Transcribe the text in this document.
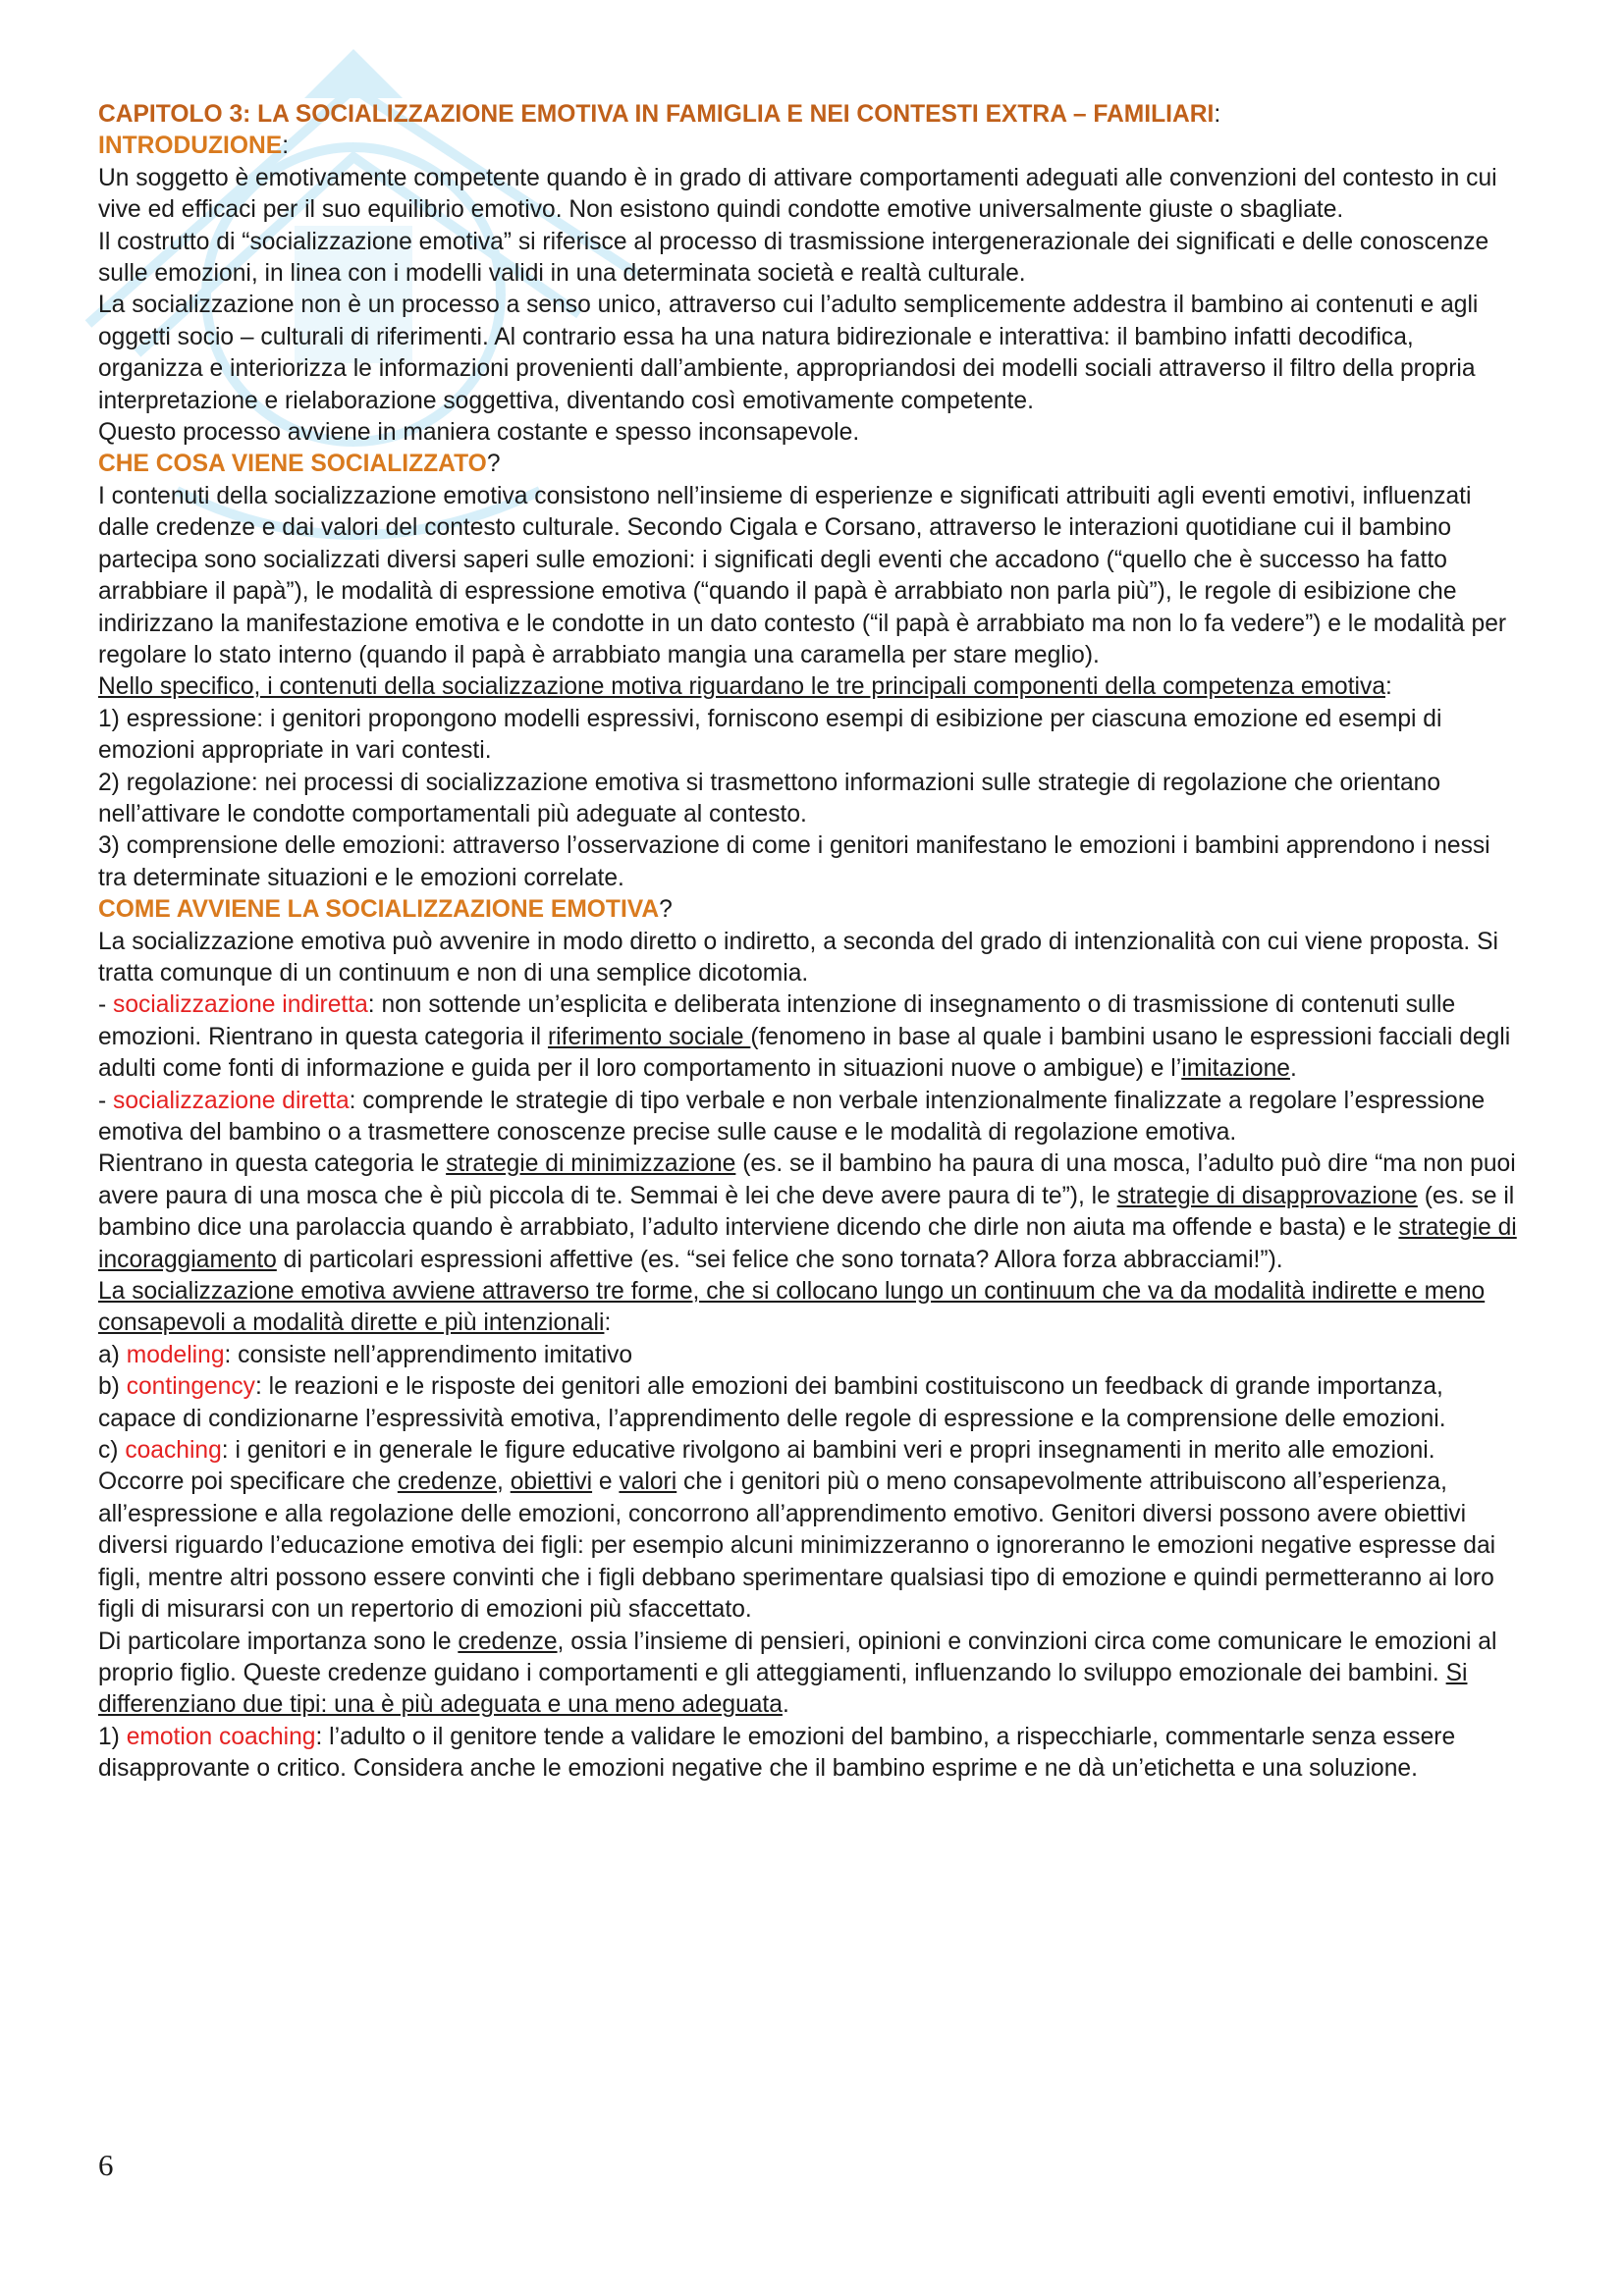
CAPITOLO 3: LA SOCIALIZZAZIONE EMOTIVA IN FAMIGLIA E NEI CONTESTI EXTRA – FAMILIARI:

INTRODUZIONE:

Un soggetto è emotivamente competente quando è in grado di attivare comportamenti adeguati alle convenzioni del contesto in cui vive ed efficaci per il suo equilibrio emotivo. Non esistono quindi condotte emotive universalmente giuste o sbagliate.

Il costrutto di “socializzazione emotiva” si riferisce al processo di trasmissione intergenerazionale dei significati e delle conoscenze sulle emozioni, in linea con i modelli validi in una determinata società e realtà culturale.

La socializzazione non è un processo a senso unico, attraverso cui l’adulto semplicemente addestra il bambino ai contenuti e agli oggetti socio – culturali di riferimenti. Al contrario essa ha una natura bidirezionale e interattiva: il bambino infatti decodifica, organizza e interiorizza le informazioni provenienti dall’ambiente, appropriandosi dei modelli sociali attraverso il filtro della propria interpretazione e rielaborazione soggettiva, diventando così emotivamente competente.

Questo processo avviene in maniera costante e spesso inconsapevole.

CHE COSA VIENE SOCIALIZZATO?

I contenuti della socializzazione emotiva consistono nell’insieme di esperienze e significati attribuiti agli eventi emotivi, influenzati dalle credenze e dai valori del contesto culturale. Secondo Cigala e Corsano, attraverso le interazioni quotidiane cui il bambino partecipa sono socializzati diversi saperi sulle emozioni: i significati degli eventi che accadono (“quello che è successo ha fatto arrabbiare il papà”), le modalità di espressione emotiva (“quando il papà è arrabbiato non parla più”), le regole di esibizione che indirizzano la manifestazione emotiva e le condotte in un dato contesto (“il papà è arrabbiato ma non lo fa vedere”) e le modalità per regolare lo stato interno (quando il papà è arrabbiato mangia una caramella per stare meglio).

Nello specifico, i contenuti della socializzazione motiva riguardano le tre principali componenti della competenza emotiva:

1) espressione: i genitori propongono modelli espressivi, forniscono esempi di esibizione per ciascuna emozione ed esempi di emozioni appropriate in vari contesti.

2) regolazione: nei processi di socializzazione emotiva si trasmettono informazioni sulle strategie di regolazione che orientano nell’attivare le condotte comportamentali più adeguate al contesto.

3) comprensione delle emozioni: attraverso l’osservazione di come i genitori manifestano le emozioni i bambini apprendono i nessi tra determinate situazioni e le emozioni correlate.

COME AVVIENE LA SOCIALIZZAZIONE EMOTIVA?

La socializzazione emotiva può avvenire in modo diretto o indiretto, a seconda del grado di intenzionalità con cui viene proposta. Si tratta comunque di un continuum e non di una semplice dicotomia.

- socializzazione indiretta: non sottende un’esplicita e deliberata intenzione di insegnamento o di trasmissione di contenuti sulle emozioni. Rientrano in questa categoria il riferimento sociale (fenomeno in base al quale i bambini usano le espressioni facciali degli adulti come fonti di informazione e guida per il loro comportamento in situazioni nuove o ambigue) e l’imitazione.

- socializzazione diretta: comprende le strategie di tipo verbale e non verbale intenzionalmente finalizzate a regolare l’espressione emotiva del bambino o a trasmettere conoscenze precise sulle cause e le modalità di regolazione emotiva.

Rientrano in questa categoria le strategie di minimizzazione (es. se il bambino ha paura di una mosca, l’adulto può dire “ma non puoi avere paura di una mosca che è più piccola di te. Semmai è lei che deve avere paura di te”), le strategie di disapprovazione (es. se il bambino dice una parolaccia quando è arrabbiato, l’adulto interviene dicendo che dirle non aiuta ma offende e basta) e le strategie di incoraggiamento di particolari espressioni affettive (es. “sei felice che sono tornata? Allora forza abbracciami!”).

La socializzazione emotiva avviene attraverso tre forme, che si collocano lungo un continuum che va da modalità indirette e meno consapevoli a modalità dirette e più intenzionali:

a) modeling: consiste nell’apprendimento imitativo

b) contingency: le reazioni e le risposte dei genitori alle emozioni dei bambini costituiscono un feedback di grande importanza, capace di condizionarne l’espressività emotiva, l’apprendimento delle regole di espressione e la comprensione delle emozioni.

c) coaching: i genitori e in generale le figure educative rivolgono ai bambini veri e propri insegnamenti in merito alle emozioni.

Occorre poi specificare che credenze, obiettivi e valori che i genitori più o meno consapevolmente attribuiscono all’esperienza, all’espressione e alla regolazione delle emozioni, concorrono all’apprendimento emotivo. Genitori diversi possono avere obiettivi diversi riguardo l’educazione emotiva dei figli: per esempio alcuni minimizzeranno o ignoreranno le emozioni negative espresse dai figli, mentre altri possono essere convinti che i figli debbano sperimentare qualsiasi tipo di emozione e quindi permetteranno ai loro figli di misurarsi con un repertorio di emozioni più sfaccettato.

Di particolare importanza sono le credenze, ossia l’insieme di pensieri, opinioni e convinzioni circa come comunicare le emozioni al proprio figlio. Queste credenze guidano i comportamenti e gli atteggiamenti, influenzando lo sviluppo emozionale dei bambini. Si differenziano due tipi: una è più adeguata e una meno adeguata.

1) emotion coaching: l’adulto o il genitore tende a validare le emozioni del bambino, a rispecchiarle, commentarle senza essere disapprovante o critico. Considera anche le emozioni negative che il bambino esprime e ne dà un’etichetta e una soluzione.

6
